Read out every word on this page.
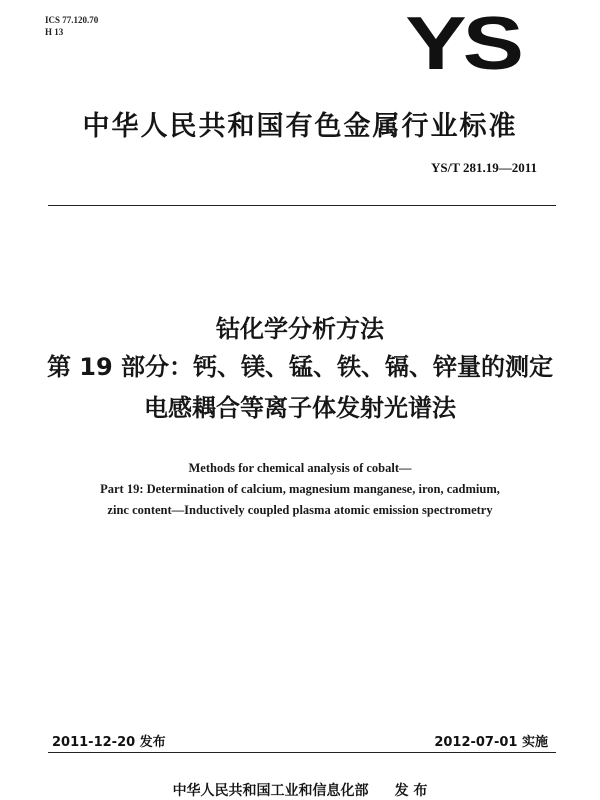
ICS 77.120.70
H 13	YS
中华人民共和国有色金属行业标准
YS/T 281.19—2011
钴化学分析方法
第 19 部分：钙、镁、锰、铁、镉、锌量的测定
电感耦合等离子体发射光谱法
Methods for chemical analysis of cobalt—
Part 19: Determination of calcium, magnesium manganese, iron, cadmium,
zinc content—Inductively coupled plasma atomic emission spectrometry
2011-12-20 发布	2012-07-01 实施
中华人民共和国工业和信息化部 发 布
